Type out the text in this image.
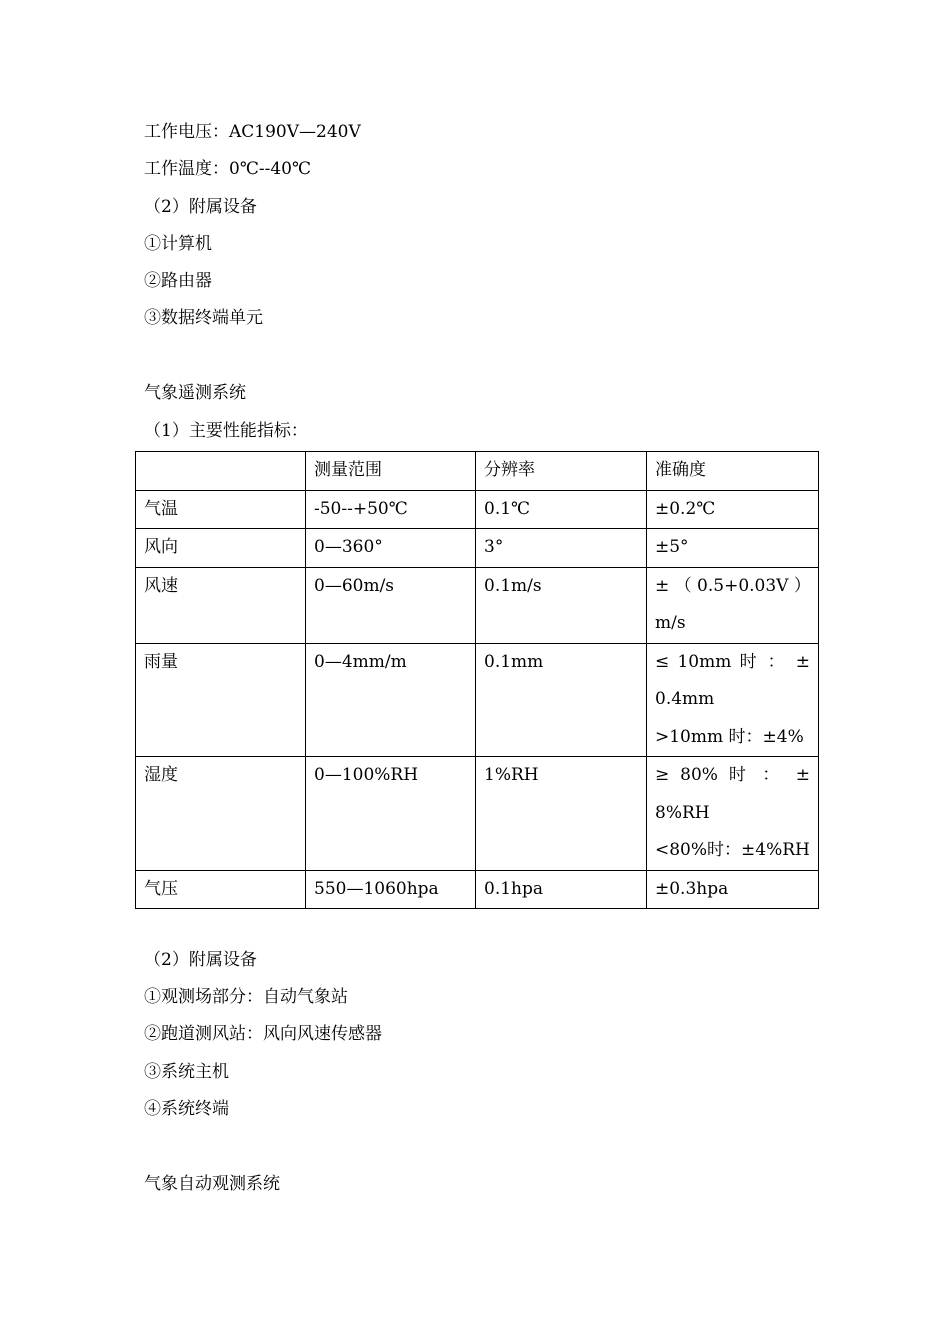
工作电压：AC190V—240V
工作温度：0℃--40℃
（2）附属设备
①计算机
②路由器
③数据终端单元
气象遥测系统
（1）主要性能指标：

	测量范围	分辨率	准确度

气温	-50--+50℃	0.1℃	±0.2℃

风向	0—360°	3°	±5°

风速	0—60m/s	0.1m/s	± （ 0.5+0.03V ）
m/s

雨量	0—4mm/m	0.1mm	≤ 10mm 时 ： ±
0.4mm
>10mm 时：±4%

湿度	0—100%RH	1%RH	≥ 80% 时 ： ±
8%RH
<80%时：±4%RH

气压	550—1060hpa	0.1hpa	±0.3hpa
（2）附属设备
①观测场部分：自动气象站
②跑道测风站：风向风速传感器
③系统主机
④系统终端
气象自动观测系统
